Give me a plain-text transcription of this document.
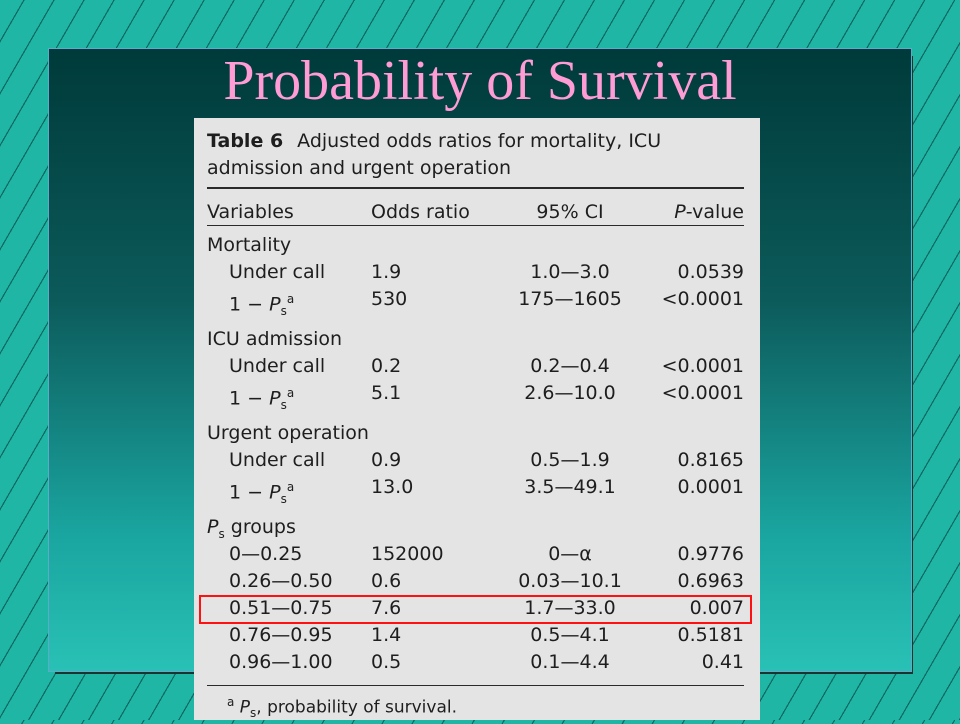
Probability of Survival
Table 6 Adjusted odds ratios for mortality, ICU admission and urgent operation
Variables	Odds ratio	95% CI	P-value
Mortality
Under call 1.9	1.0—3.0	0.0539
$1 - P_s^a$	530	175—1605	<0.0001
ICU admission
Under call 0.2	0.2—0.4	<0.0001
$1 - P_s^a$	5.1	2.6—10.0	<0.0001
Urgent operation
Under call 0.9	0.5—1.9	0.8165
$1 - P_s^a$	13.0	3.5—49.1	0.0001
$P_s$ groups
0—0.25	152000	0—α	0.9776
0.26—0.50 0.6	0.03—10.1	0.6963
0.51—0.75 7.6	1.7—33.0	0.007
0.76—0.95 1.4	0.5—4.1	0.5181
0.96—1.00 0.5	0.1—4.4	0.41
$^a$ $P_s$, probability of survival.
